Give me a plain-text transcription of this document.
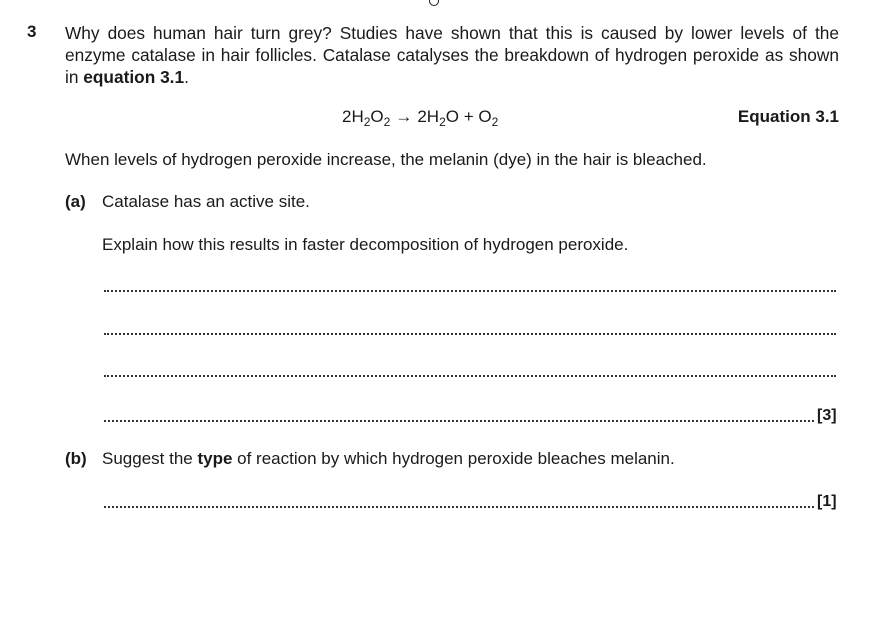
3 Why does human hair turn grey? Studies have shown that this is caused by lower levels of the enzyme catalase in hair follicles. Catalase catalyses the breakdown of hydrogen peroxide as shown in equation 3.1.
$2H_2O_2 \to 2H_2O + O_2$	Equation 3.1
When levels of hydrogen peroxide increase, the melanin (dye) in the hair is bleached.
(a) Catalase has an active site.
Explain how this results in faster decomposition of hydrogen peroxide.
[3]
(b) Suggest the type of reaction by which hydrogen peroxide bleaches melanin.
[1]
